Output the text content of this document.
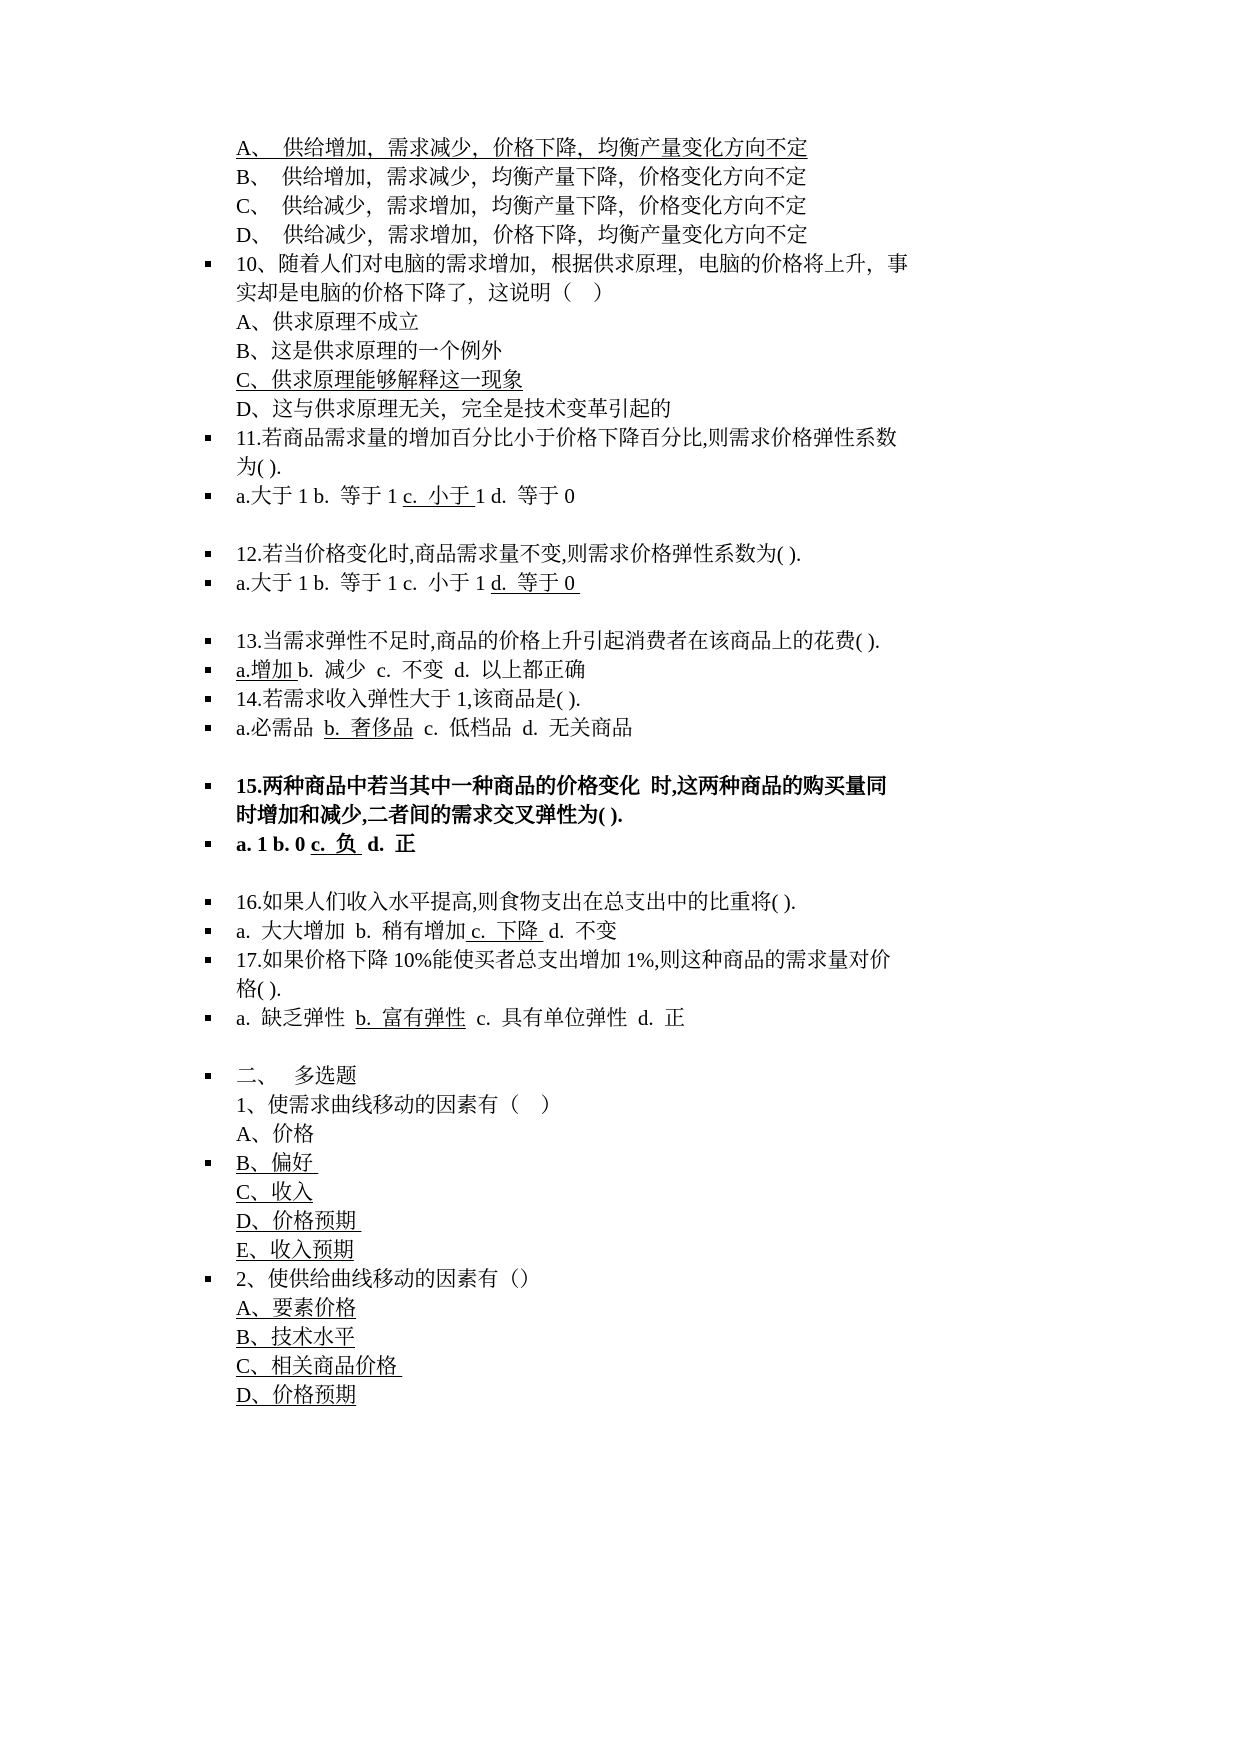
A、  供给增加，需求减少，价格下降，均衡产量变化方向不定
B、  供给增加，需求减少，均衡产量下降，价格变化方向不定
C、  供给减少，需求增加，均衡产量下降，价格变化方向不定
D、  供给减少，需求增加，价格下降，均衡产量变化方向不定
10、随着人们对电脑的需求增加，根据供求原理，电脑的价格将上升，事
实却是电脑的价格下降了，这说明（    ）
A、供求原理不成立
B、这是供求原理的一个例外
C、供求原理能够解释这一现象
D、这与供求原理无关，完全是技术变革引起的
11.若商品需求量的增加百分比小于价格下降百分比,则需求价格弹性系数
为( ).
a.大于 1 b.  等于 1 c.  小于 1 d.  等于 0
12.若当价格变化时,商品需求量不变,则需求价格弹性系数为( ).
a.大于 1 b.  等于 1 c.  小于 1 d.  等于 0
13.当需求弹性不足时,商品的价格上升引起消费者在该商品上的花费( ).
a.增加 b.  减少  c.  不变  d.  以上都正确
14.若需求收入弹性大于 1,该商品是( ).
a.必需品  b.  奢侈品  c.  低档品  d.  无关商品
15.两种商品中若当其中一种商品的价格变化  时,这两种商品的购买量同
时增加和减少,二者间的需求交叉弹性为( ).
a. 1 b. 0 c.  负  d.  正
16.如果人们收入水平提高,则食物支出在总支出中的比重将( ).
a.  大大增加  b.  稍有增加 c.  下降  d.  不变
17.如果价格下降 10%能使买者总支出增加 1%,则这种商品的需求量对价
格( ).
a.  缺乏弹性  b.  富有弹性  c.  具有单位弹性  d.  正
二、   多选题
1、使需求曲线移动的因素有（    ）
A、价格
B、偏好
C、收入
D、价格预期
E、收入预期
2、使供给曲线移动的因素有（）
A、要素价格
B、技术水平
C、相关商品价格
D、价格预期
